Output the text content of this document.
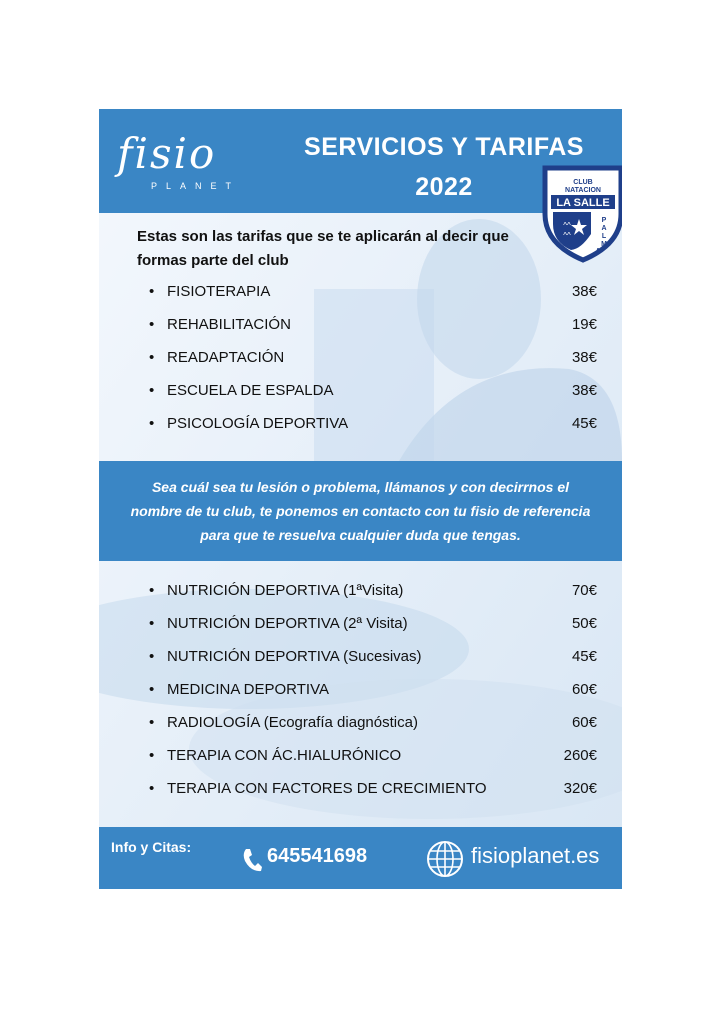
fisio
PLANET
SERVICIOS Y TARIFAS
2022	CLUB
NATACION
LA SALLE
^^
^^
P
A
L
M
A
Estas son las tarifas que se te aplicarán al decir que formas parte del club
• FISIOTERAPIA	38€
• REHABILITACIÓN	19€
• READAPTACIÓN	38€
• ESCUELA DE ESPALDA	38€
• PSICOLOGÍA DEPORTIVA	45€
Sea cuál sea tu lesión o problema, llámanos y con decirrnos el nombre de tu club, te ponemos en contacto con tu fisio de referencia para que te resuelva cualquier duda que tengas.
• NUTRICIÓN DEPORTIVA (1ªVisita)	70€
• NUTRICIÓN DEPORTIVA (2ª Visita)	50€
• NUTRICIÓN DEPORTIVA (Sucesivas)	45€
• MEDICINA DEPORTIVA	60€
• RADIOLOGÍA (Ecografía diagnóstica)	60€
• TERAPIA CON ÁC.HIALURÓNICO	260€
• TERAPIA CON FACTORES DE CRECIMIENTO	320€
Info y Citas:	645541698	fisioplanet.es
